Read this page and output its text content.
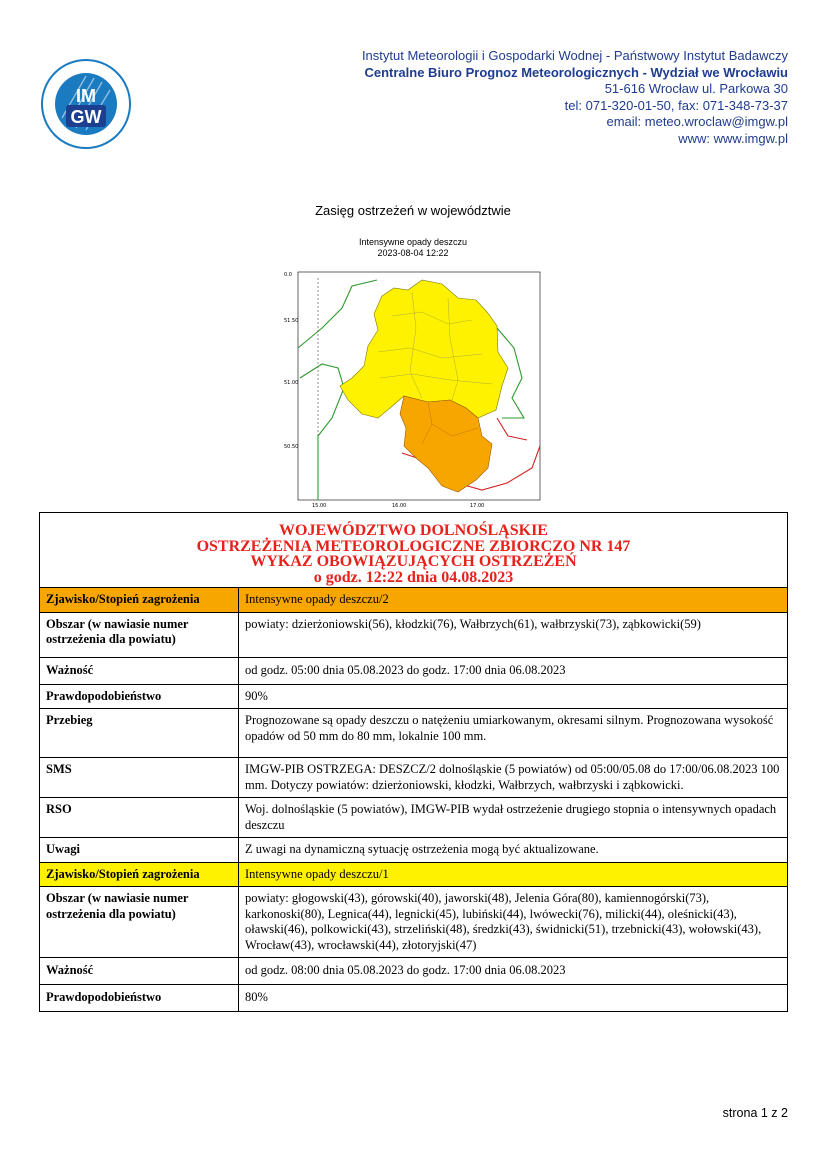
IM
GW
Instytut Meteorologii i Gospodarki Wodnej - Państwowy Instytut Badawczy
Centralne Biuro Prognoz Meteorologicznych - Wydział we Wrocławiu
51-616 Wrocław ul. Parkowa 30
tel: 071-320-01-50, fax: 071-348-73-37
email: meteo.wroclaw@imgw.pl
www: www.imgw.pl
Zasięg ostrzeżeń w województwie
Intensywne opady deszczu
2023-08-04 12:22
0.0
51.50
51.00
50.50
15.00	16.00	17.00
WOJEWÓDZTWO DOLNOŚLĄSKIE
OSTRZEŻENIA METEOROLOGICZNE ZBIORCZO NR 147
WYKAZ OBOWIĄZUJĄCYCH OSTRZEŻEŃ
o godz. 12:22 dnia 04.08.2023	

Zjawisko/Stopień zagrożenia	Intensywne opady deszczu/2
Obszar (w nawiasie numer ostrzeżenia dla powiatu)	powiaty: dzierżoniowski(56), kłodzki(76), Wałbrzych(61), wałbrzyski(73), ząbkowicki(59)
Ważność	od godz. 05:00 dnia 05.08.2023 do godz. 17:00 dnia 06.08.2023
Prawdopodobieństwo	90%
Przebieg	Prognozowane są opady deszczu o natężeniu umiarkowanym, okresami silnym. Prognozowana wysokość opadów od 50 mm do 80 mm, lokalnie 100 mm.
SMS	IMGW-PIB OSTRZEGA: DESZCZ/2 dolnośląskie (5 powiatów) od 05:00/05.08 do 17:00/06.08.2023 100 mm. Dotyczy powiatów: dzierżoniowski, kłodzki, Wałbrzych, wałbrzyski i ząbkowicki.
RSO	Woj. dolnośląskie (5 powiatów), IMGW-PIB wydał ostrzeżenie drugiego stopnia o intensywnych opadach deszczu
Uwagi	Z uwagi na dynamiczną sytuację ostrzeżenia mogą być aktualizowane.
Zjawisko/Stopień zagrożenia	Intensywne opady deszczu/1
Obszar (w nawiasie numer ostrzeżenia dla powiatu)	powiaty: głogowski(43), górowski(40), jaworski(48), Jelenia Góra(80), kamiennogórski(73), karkonoski(80), Legnica(44), legnicki(45), lubiński(44), lwówecki(76), milicki(44), oleśnicki(43), oławski(46), polkowicki(43), strzeliński(48), średzki(43), świdnicki(51), trzebnicki(43), wołowski(43), Wrocław(43), wrocławski(44), złotoryjski(47)
Ważność	od godz. 08:00 dnia 05.08.2023 do godz. 17:00 dnia 06.08.2023
Prawdopodobieństwo	80%
strona 1 z 2
